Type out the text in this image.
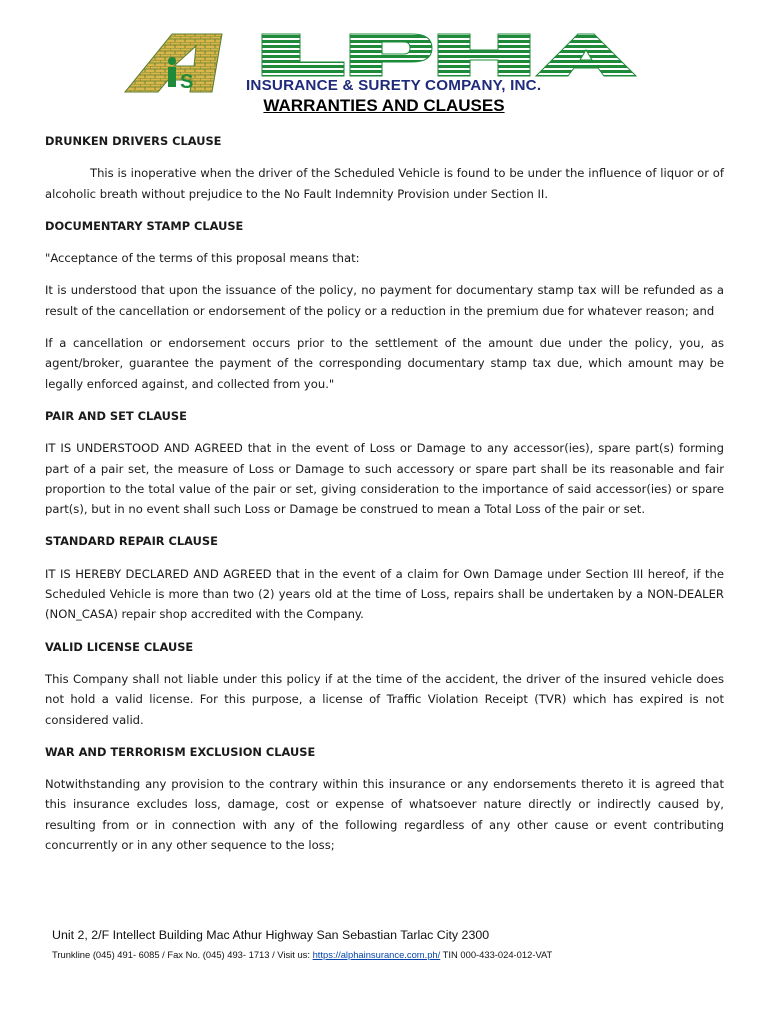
S	INSURANCE & SURETY COMPANY, INC.
WARRANTIES AND CLAUSES
DRUNKEN DRIVERS CLAUSE
This is inoperative when the driver of the Scheduled Vehicle is found to be under the influence of liquor or of alcoholic breath without prejudice to the No Fault Indemnity Provision under Section II.
DOCUMENTARY STAMP CLAUSE
"Acceptance of the terms of this proposal means that:
It is understood that upon the issuance of the policy, no payment for documentary stamp tax will be refunded as a result of the cancellation or endorsement of the policy or a reduction in the premium due for whatever reason; and
If a cancellation or endorsement occurs prior to the settlement of the amount due under the policy, you, as agent/broker, guarantee the payment of the corresponding documentary stamp tax due, which amount may be legally enforced against, and collected from you."
PAIR AND SET CLAUSE
IT IS UNDERSTOOD AND AGREED that in the event of Loss or Damage to any accessor(ies), spare part(s) forming part of a pair set, the measure of Loss or Damage to such accessory or spare part shall be its reasonable and fair proportion to the total value of the pair or set, giving consideration to the importance of said accessor(ies) or spare part(s), but in no event shall such Loss or Damage be construed to mean a Total Loss of the pair or set.
STANDARD REPAIR CLAUSE
IT IS HEREBY DECLARED AND AGREED that in the event of a claim for Own Damage under Section III hereof, if the Scheduled Vehicle is more than two (2) years old at the time of Loss, repairs shall be undertaken by a NON-DEALER (NON_CASA) repair shop accredited with the Company.
VALID LICENSE CLAUSE
This Company shall not liable under this policy if at the time of the accident, the driver of the insured vehicle does not hold a valid license. For this purpose, a license of Traffic Violation Receipt (TVR) which has expired is not considered valid.
WAR AND TERRORISM EXCLUSION CLAUSE
Notwithstanding any provision to the contrary within this insurance or any endorsements thereto it is agreed that this insurance excludes loss, damage, cost or expense of whatsoever nature directly or indirectly caused by, resulting from or in connection with any of the following regardless of any other cause or event contributing concurrently or in any other sequence to the loss;
Unit 2, 2/F Intellect Building Mac Athur Highway San Sebastian Tarlac City 2300
Trunkline (045) 491- 6085 / Fax No. (045) 493- 1713 / Visit us: https://alphainsurance.com.ph/ TIN 000-433-024-012-VAT
